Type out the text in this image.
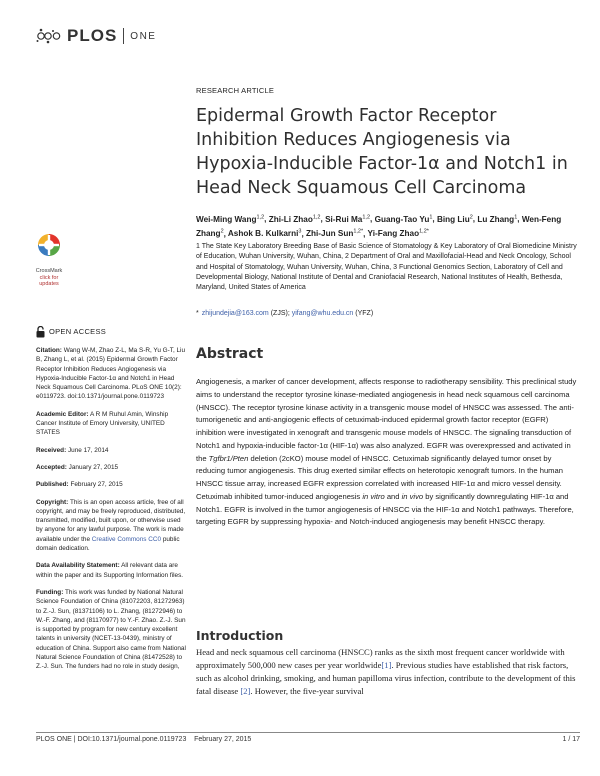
PLOS ONE
RESEARCH ARTICLE
Epidermal Growth Factor Receptor Inhibition Reduces Angiogenesis via Hypoxia-Inducible Factor-1α and Notch1 in Head Neck Squamous Cell Carcinoma
Wei-Ming Wang$^{1,2}$, Zhi-Li Zhao$^{1,2}$, Si-Rui Ma$^{1,2}$, Guang-Tao Yu$^1$, Bing Liu$^2$, Lu Zhang$^1$, Wen-Feng Zhang$^2$, Ashok B. Kulkarni$^3$, Zhi-Jun Sun$^{1,2*}$, Yi-Fang Zhao$^{1,2*}$
CrossMark
click for updates
1 The State Key Laboratory Breeding Base of Basic Science of Stomatology & Key Laboratory of Oral Biomedicine Ministry of Education, Wuhan University, Wuhan, China, 2 Department of Oral and Maxillofacial-Head and Neck Oncology, School and Hospital of Stomatology, Wuhan University, Wuhan, China, 3 Functional Genomics Section, Laboratory of Cell and Developmental Biology, National Institute of Dental and Craniofacial Research, National Institutes of Health, Bethesda, Maryland, United States of America
* zhijundejia@163.com (ZJS); yifang@whu.edu.cn (YFZ)
OPEN ACCESS
Citation: Wang W-M, Zhao Z-L, Ma S-R, Yu G-T, Liu B, Zhang L, et al. (2015) Epidermal Growth Factor Receptor Inhibition Reduces Angiogenesis via Hypoxia-Inducible Factor-1α and Notch1 in Head Neck Squamous Cell Carcinoma. PLoS ONE 10(2): e0119723. doi:10.1371/journal.pone.0119723
Academic Editor: A R M Ruhul Amin, Winship Cancer Institute of Emory University, UNITED STATES
Received: June 17, 2014
Accepted: January 27, 2015
Published: February 27, 2015
Copyright: This is an open access article, free of all copyright, and may be freely reproduced, distributed, transmitted, modified, built upon, or otherwise used by anyone for any lawful purpose. The work is made available under the Creative Commons CC0 public domain dedication.
Data Availability Statement: All relevant data are within the paper and its Supporting Information files.
Funding: This work was funded by National Natural Science Foundation of China (81072203, 81272963) to Z.-J. Sun, (81371106) to L. Zhang, (81272946) to W.-F. Zhang, and (81170977) to Y.-F. Zhao. Z.-J. Sun is supported by program for new century excellent talents in university (NCET-13-0439), ministry of education of China. Support also came from National Natural Science Foundation of China (81472528) to Z.-J. Sun. The funders had no role in study design,
Abstract

Angiogenesis, a marker of cancer development, affects response to radiotherapy sensibility. This preclinical study aims to understand the receptor tyrosine kinase-mediated angiogenesis in head neck squamous cell carcinoma (HNSCC). The receptor tyrosine kinase activity in a transgenic mouse model of HNSCC was assessed. The anti-tumorigenetic and anti-angiogenic effects of cetuximab-induced epidermal growth factor receptor (EGFR) inhibition were investigated in xenograft and transgenic mouse models of HNSCC. The signaling transduction of Notch1 and hypoxia-inducible factor-1α (HIF-1α) was also analyzed. EGFR was overexpressed and activated in the Tgfbr1/Pten deletion (2cKO) mouse model of HNSCC. Cetuximab significantly delayed tumor onset by reducing tumor angiogenesis. This drug exerted similar effects on heterotopic xenograft tumors. In the human HNSCC tissue array, increased EGFR expression correlated with increased HIF-1α and micro vessel density. Cetuximab inhibited tumor-induced angiogenesis in vitro and in vivo by significantly downregulating HIF-1α and Notch1. EGFR is involved in the tumor angiogenesis of HNSCC via the HIF-1α and Notch1 pathways. Therefore, targeting EGFR by suppressing hypoxia- and Notch-induced angiogenesis may benefit HNSCC therapy.

Introduction

Head and neck squamous cell carcinoma (HNSCC) ranks as the sixth most frequent cancer worldwide with approximately 500,000 new cases per year worldwide[1]. Previous studies have established that risk factors, such as alcohol drinking, smoking, and human papilloma virus infection, contribute to the development of this fatal disease [2]. However, the five-year survival

PLOS ONE | DOI:10.1371/journal.pone.0119723    February 27, 2015	1 / 17
